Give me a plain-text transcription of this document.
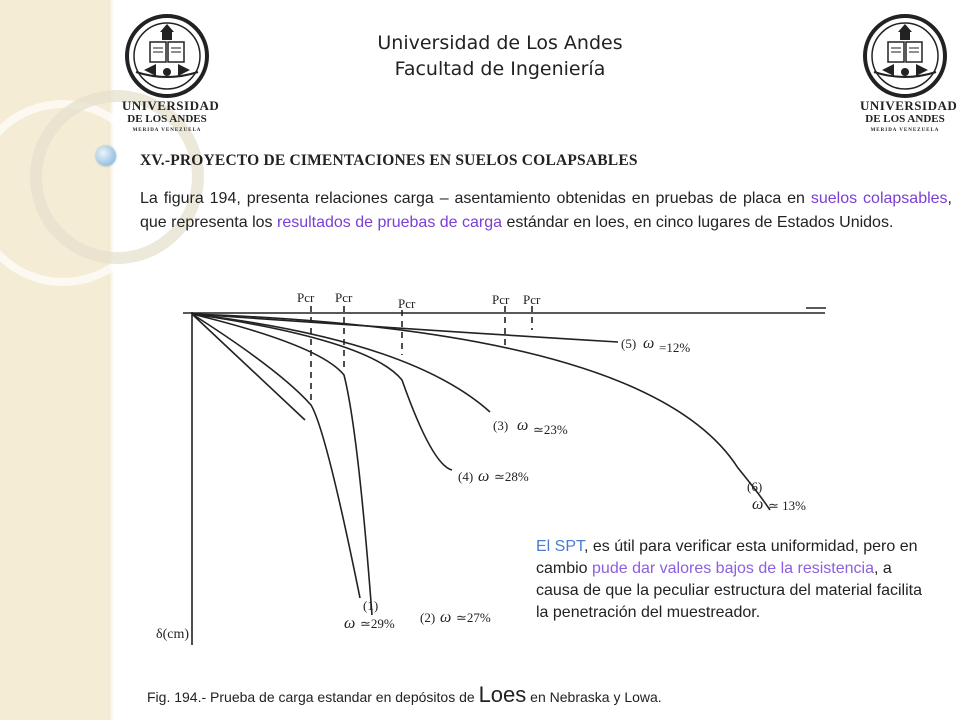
UNIVERSIDAD
DE LOS ANDES
MERIDA VENEZUELA
UNIVERSIDAD
DE LOS ANDES
MERIDA VENEZUELA
Universidad de Los Andes
Facultad de Ingeniería
XV.-PROYECTO DE CIMENTACIONES EN SUELOS COLAPSABLES
La figura 194, presenta relaciones carga – asentamiento obtenidas en pruebas de placa en suelos colapsables, que representa los resultados de pruebas de carga estándar en loes, en cinco lugares de Estados Unidos.
Pcr Pcr	Pcr	Pcr Pcr
δ(cm)
(5) ω =12%
(3) ω ≃23%
(4) ω ≃28%
(6)
ω ≃ 13%
(1)
ω ≃29% (2) ω ≃27%
El SPT, es útil para verificar esta uniformidad, pero en cambio pude dar valores bajos de la resistencia, a causa de que la peculiar estructura del material facilita la penetración del muestreador.
Fig. 194.- Prueba de carga estandar en depósitos de Loes en Nebraska y Lowa.
